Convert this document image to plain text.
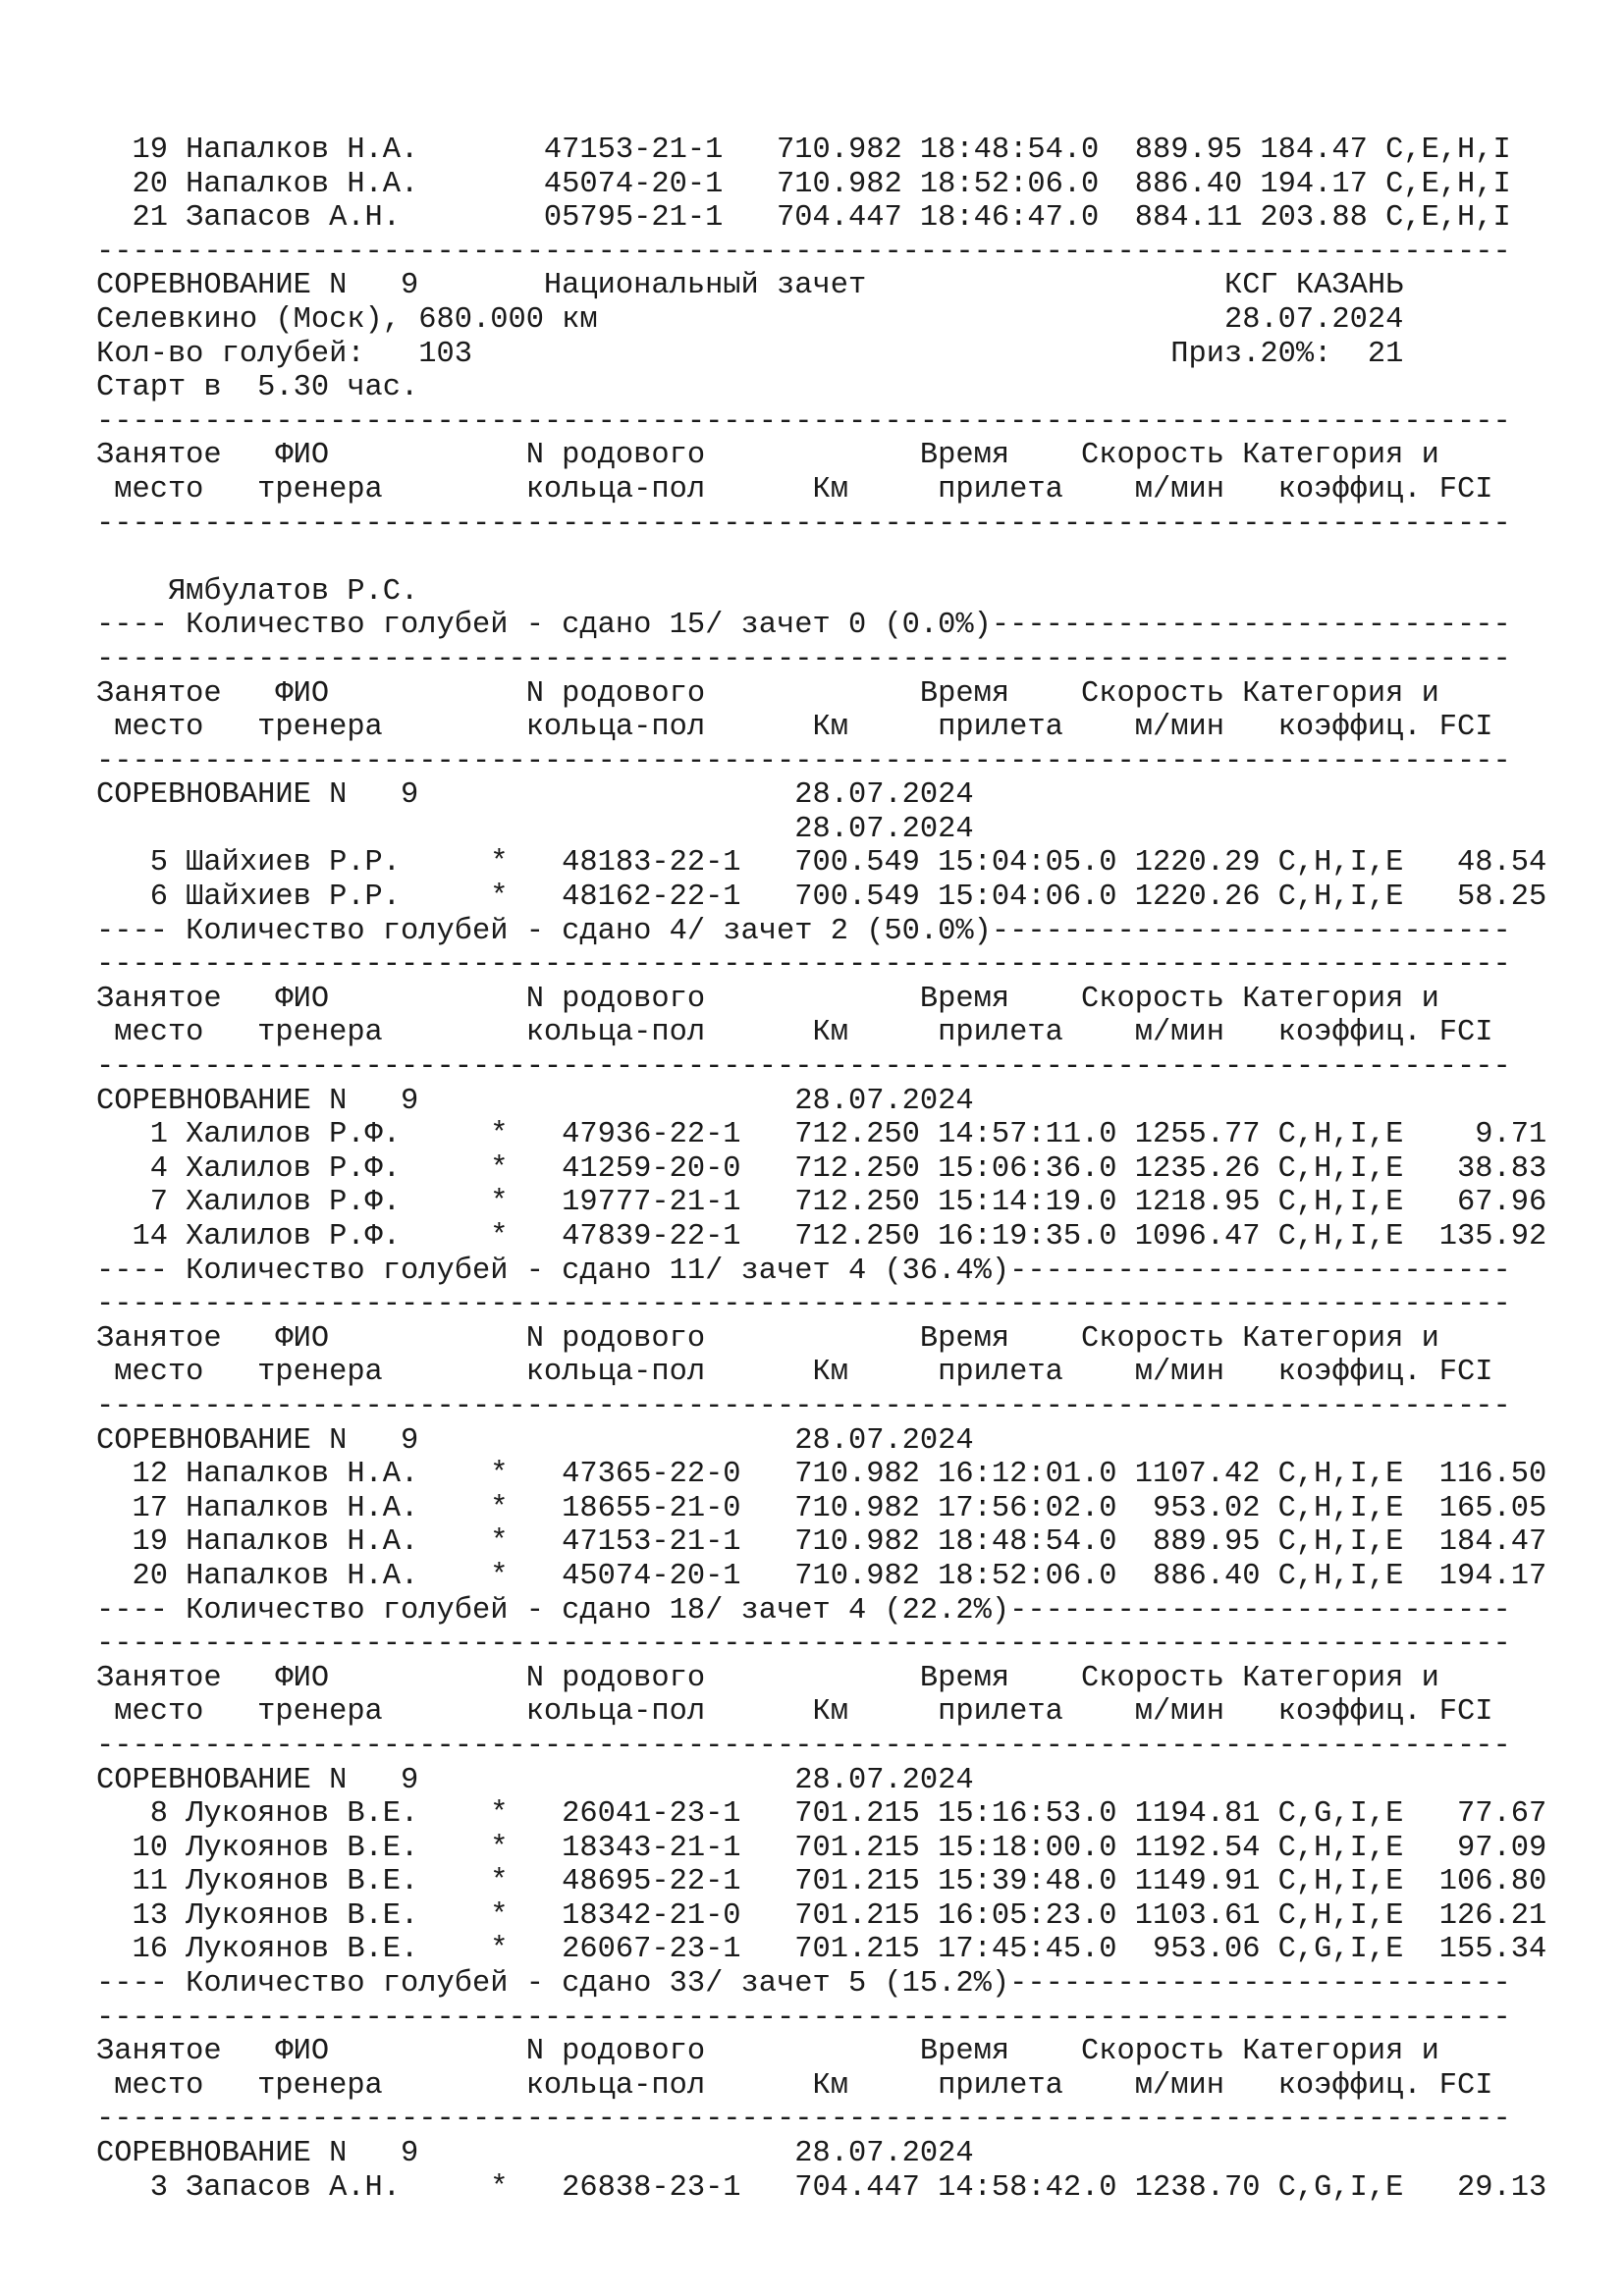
19 Напалков Н.А.       47153-21-1   710.982 18:48:54.0  889.95 184.47 C,E,H,I
20 Напалков Н.А.       45074-20-1   710.982 18:52:06.0  886.40 194.17 C,E,H,I
21 Запасов А.Н.        05795-21-1   704.447 18:46:47.0  884.11 203.88 C,E,H,I
-------------------------------------------------------------------------------
СОРЕВНОВАНИЕ N   9       Национальный зачет                    КСГ КАЗАНЬ
Селевкино (Моск), 680.000 км                                   28.07.2024
Кол-во голубей:   103                                       Приз.20%:  21
Старт в  5.30 час.
-------------------------------------------------------------------------------
Занятое   ФИО           N родового            Время    Скорость Категория и
место   тренера        кольца-пол      Км     прилета    м/мин   коэффиц. FCI
-------------------------------------------------------------------------------
Ямбулатов Р.С.
---- Количество голубей - сдано 15/ зачет 0 (0.0%)-----------------------------
-------------------------------------------------------------------------------
Занятое   ФИО           N родового            Время    Скорость Категория и
место   тренера        кольца-пол      Км     прилета    м/мин   коэффиц. FCI
-------------------------------------------------------------------------------
СОРЕВНОВАНИЕ N   9                     28.07.2024
28.07.2024
5 Шайхиев Р.Р.     *   48183-22-1   700.549 15:04:05.0 1220.29 C,H,I,E   48.54
6 Шайхиев Р.Р.     *   48162-22-1   700.549 15:04:06.0 1220.26 C,H,I,E   58.25
---- Количество голубей - сдано 4/ зачет 2 (50.0%)-----------------------------
-------------------------------------------------------------------------------
Занятое   ФИО           N родового            Время    Скорость Категория и
место   тренера        кольца-пол      Км     прилета    м/мин   коэффиц. FCI
-------------------------------------------------------------------------------
СОРЕВНОВАНИЕ N   9                     28.07.2024
1 Халилов Р.Ф.     *   47936-22-1   712.250 14:57:11.0 1255.77 C,H,I,E    9.71
4 Халилов Р.Ф.     *   41259-20-0   712.250 15:06:36.0 1235.26 C,H,I,E   38.83
7 Халилов Р.Ф.     *   19777-21-1   712.250 15:14:19.0 1218.95 C,H,I,E   67.96
14 Халилов Р.Ф.     *   47839-22-1   712.250 16:19:35.0 1096.47 C,H,I,E  135.92
---- Количество голубей - сдано 11/ зачет 4 (36.4%)----------------------------
-------------------------------------------------------------------------------
Занятое   ФИО           N родового            Время    Скорость Категория и
место   тренера        кольца-пол      Км     прилета    м/мин   коэффиц. FCI
-------------------------------------------------------------------------------
СОРЕВНОВАНИЕ N   9                     28.07.2024
12 Напалков Н.А.    *   47365-22-0   710.982 16:12:01.0 1107.42 C,H,I,E  116.50
17 Напалков Н.А.    *   18655-21-0   710.982 17:56:02.0  953.02 C,H,I,E  165.05
19 Напалков Н.А.    *   47153-21-1   710.982 18:48:54.0  889.95 C,H,I,E  184.47
20 Напалков Н.А.    *   45074-20-1   710.982 18:52:06.0  886.40 C,H,I,E  194.17
---- Количество голубей - сдано 18/ зачет 4 (22.2%)----------------------------
-------------------------------------------------------------------------------
Занятое   ФИО           N родового            Время    Скорость Категория и
место   тренера        кольца-пол      Км     прилета    м/мин   коэффиц. FCI
-------------------------------------------------------------------------------
СОРЕВНОВАНИЕ N   9                     28.07.2024
8 Лукоянов В.Е.    *   26041-23-1   701.215 15:16:53.0 1194.81 C,G,I,E   77.67
10 Лукоянов В.Е.    *   18343-21-1   701.215 15:18:00.0 1192.54 C,H,I,E   97.09
11 Лукоянов В.Е.    *   48695-22-1   701.215 15:39:48.0 1149.91 C,H,I,E  106.80
13 Лукоянов В.Е.    *   18342-21-0   701.215 16:05:23.0 1103.61 C,H,I,E  126.21
16 Лукоянов В.Е.    *   26067-23-1   701.215 17:45:45.0  953.06 C,G,I,E  155.34
---- Количество голубей - сдано 33/ зачет 5 (15.2%)----------------------------
-------------------------------------------------------------------------------
Занятое   ФИО           N родового            Время    Скорость Категория и
место   тренера        кольца-пол      Км     прилета    м/мин   коэффиц. FCI
-------------------------------------------------------------------------------
СОРЕВНОВАНИЕ N   9                     28.07.2024
3 Запасов А.Н.     *   26838-23-1   704.447 14:58:42.0 1238.70 C,G,I,E   29.13
